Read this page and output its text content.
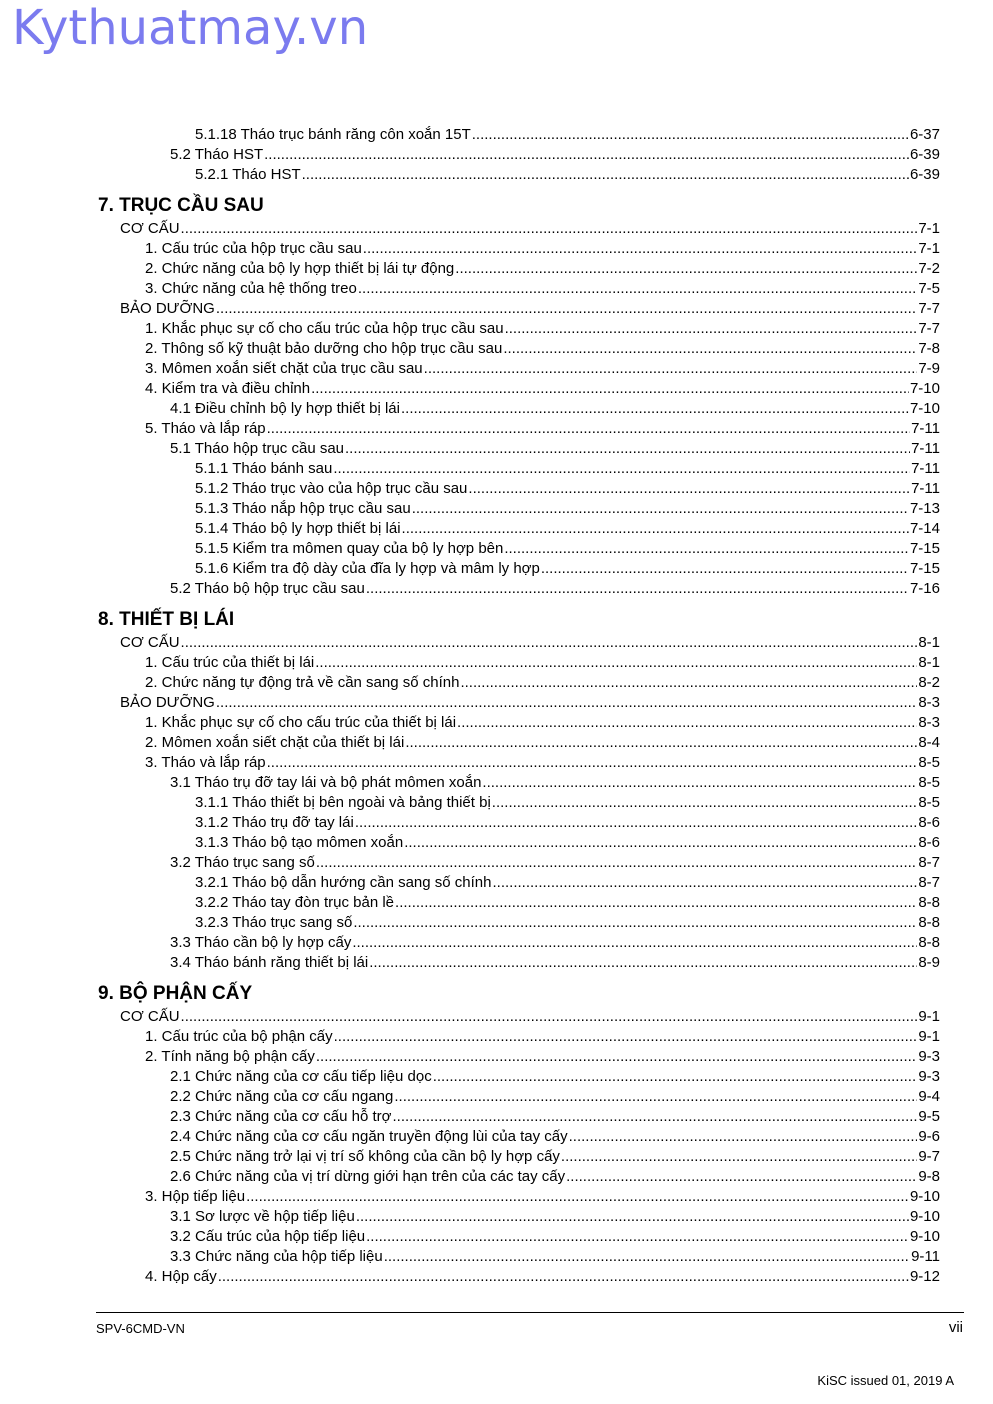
Kythuatmay.vn
5.1.18 Tháo trục bánh răng côn xoắn 15T .....	6-37
5.2 Tháo HST .....	6-39
5.2.1 Tháo HST .....	6-39
7. TRỤC CẦU SAU
CƠ CẤU .....	7-1
1. Cấu trúc của hộp trục cầu sau .....	7-1
2. Chức năng của bộ ly hợp thiết bị lái tự động .....	7-2
3. Chức năng của hệ thống treo .....	7-5
BẢO DƯỠNG .....	7-7
1. Khắc phục sự cố cho cấu trúc của hộp trục cầu sau .....	7-7
2. Thông số kỹ thuật bảo dưỡng cho hộp trục cầu sau .....	7-8
3. Mômen xoắn siết chặt của trục cầu sau .....	7-9
4. Kiểm tra và điều chỉnh .....	7-10
4.1 Điều chỉnh bộ ly hợp thiết bị lái .....	7-10
5. Tháo và lắp ráp .....	7-11
5.1 Tháo hộp trục cầu sau .....	7-11
5.1.1 Tháo bánh sau .....	7-11
5.1.2 Tháo trục vào của hộp trục cầu sau .....	7-11
5.1.3 Tháo nắp hộp trục cầu sau .....	7-13
5.1.4 Tháo bộ ly hợp thiết bị lái .....	7-14
5.1.5 Kiểm tra mômen quay của bộ ly hợp bên .....	7-15
5.1.6 Kiểm tra độ dày của đĩa ly hợp và mâm ly hợp .....	7-15
5.2 Tháo bộ hộp trục cầu sau .....	7-16
8. THIẾT BỊ LÁI
CƠ CẤU .....	8-1
1. Cấu trúc của thiết bị lái .....	8-1
2. Chức năng tự động trả về cần sang số chính .....	8-2
BẢO DƯỠNG .....	8-3
1. Khắc phục sự cố cho cấu trúc của thiết bị lái .....	8-3
2. Mômen xoắn siết chặt của thiết bị lái .....	8-4
3. Tháo và lắp ráp .....	8-5
3.1 Tháo trụ đỡ tay lái và bộ phát mômen xoắn .....	8-5
3.1.1 Tháo thiết bị bên ngoài và bảng thiết bị .....	8-5
3.1.2 Tháo trụ đỡ tay lái .....	8-6
3.1.3 Tháo bộ tạo mômen xoắn .....	8-6
3.2 Tháo trục sang số .....	8-7
3.2.1 Tháo bộ dẫn hướng cần sang số chính .....	8-7
3.2.2 Tháo tay đòn trục bản lề .....	8-8
3.2.3 Tháo trục sang số .....	8-8
3.3 Tháo cần bộ ly hợp cấy .....	8-8
3.4 Tháo bánh răng thiết bị lái .....	8-9
9. BỘ PHẬN CẤY
CƠ CẤU .....	9-1
1. Cấu trúc của bộ phận cấy .....	9-1
2. Tính năng bộ phận cấy .....	9-3
2.1 Chức năng của cơ cấu tiếp liệu dọc .....	9-3
2.2 Chức năng của cơ cấu ngang .....	9-4
2.3 Chức năng của cơ cấu hỗ trợ .....	9-5
2.4 Chức năng của cơ cấu ngăn truyền động lùi của tay cấy .....	9-6
2.5 Chức năng trở lại vị trí số không của cần bộ ly hợp cấy .....	9-7
2.6 Chức năng của vị trí dừng giới hạn trên của các tay cấy .....	9-8
3. Hộp tiếp liệu .....	9-10
3.1 Sơ lược về hộp tiếp liệu .....	9-10
3.2 Cấu trúc của hộp tiếp liệu .....	9-10
3.3 Chức năng của hộp tiếp liệu .....	9-11
4. Hộp cấy .....	9-12
SPV-6CMD-VN	vii
KiSC issued 01, 2019 A
